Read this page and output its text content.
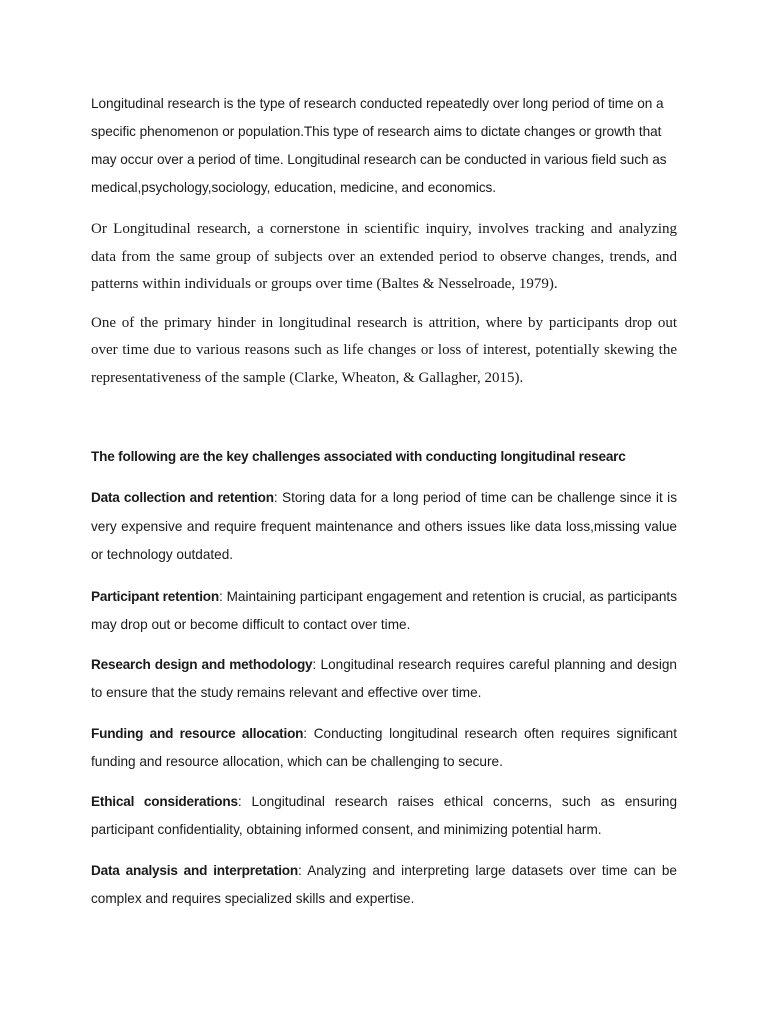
Longitudinal research is the type of research conducted repeatedly over long period of time on a specific phenomenon or population.This type of research aims to dictate changes or growth that may occur over a period of time. Longitudinal research can be conducted in various field such as medical,psychology,sociology, education, medicine, and economics.

Or Longitudinal research, a cornerstone in scientific inquiry, involves tracking and analyzing data from the same group of subjects over an extended period to observe changes, trends, and patterns within individuals or groups over time (Baltes & Nesselroade, 1979).

One of the primary hinder in longitudinal research is attrition, where by participants drop out over time due to various reasons such as life changes or loss of interest, potentially skewing the representativeness of the sample (Clarke, Wheaton, & Gallagher, 2015).

The following are the key challenges associated with conducting longitudinal researc

Data collection and retention: Storing data for a long period of time can be challenge since it is very expensive and require frequent maintenance and others issues like data loss,missing value or technology outdated.

Participant retention: Maintaining participant engagement and retention is crucial, as participants may drop out or become difficult to contact over time.

Research design and methodology: Longitudinal research requires careful planning and design to ensure that the study remains relevant and effective over time.

Funding and resource allocation: Conducting longitudinal research often requires significant funding and resource allocation, which can be challenging to secure.

Ethical considerations: Longitudinal research raises ethical concerns, such as ensuring participant confidentiality, obtaining informed consent, and minimizing potential harm.

Data analysis and interpretation: Analyzing and interpreting large datasets over time can be complex and requires specialized skills and expertise.
